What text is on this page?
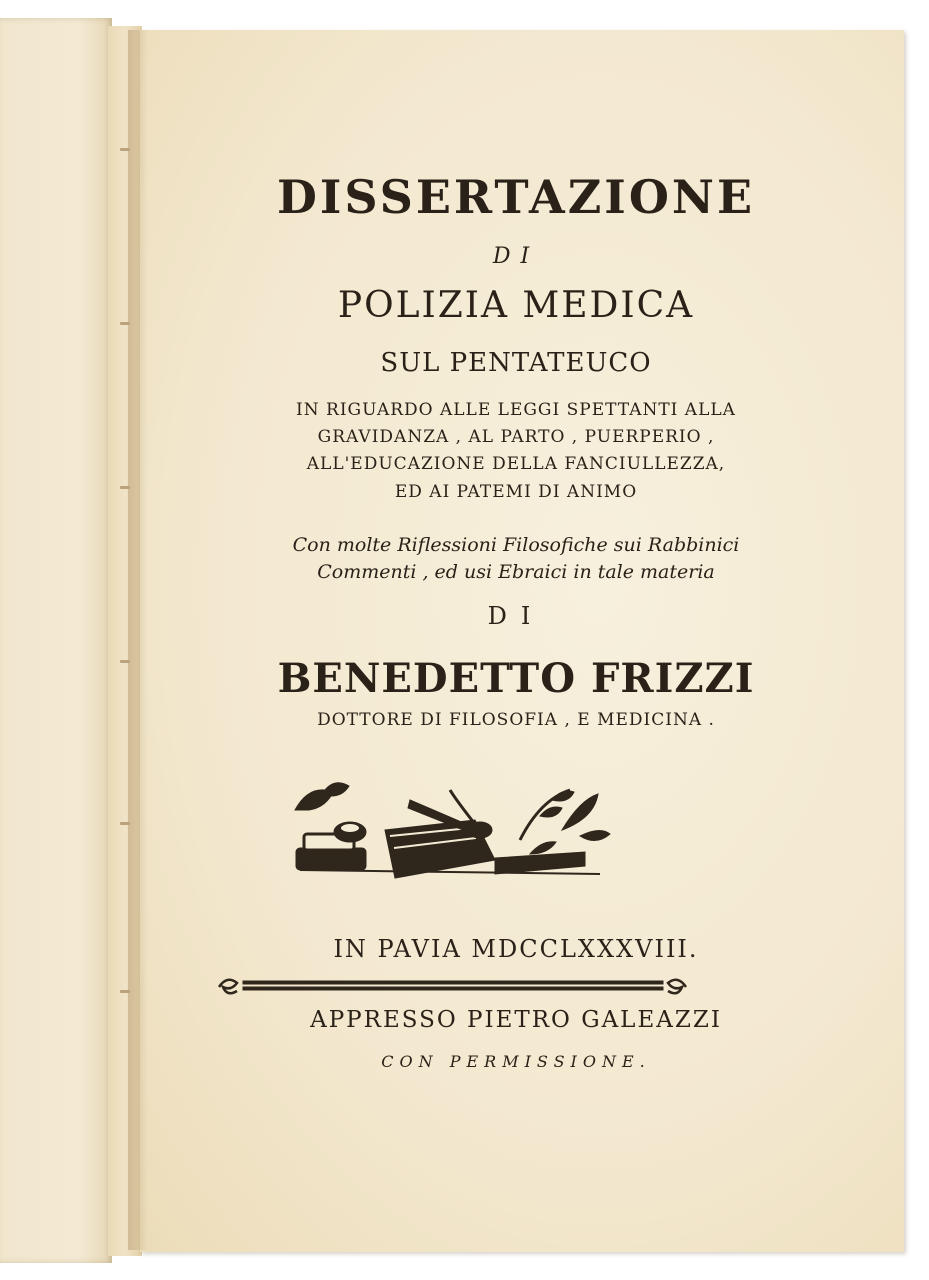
DISSERTAZIONE
DI
POLIZIA MEDICA
SUL PENTATEUCO
IN RIGUARDO ALLE LEGGI SPETTANTI ALLA
GRAVIDANZA , AL PARTO , PUERPERIO ,
ALL'EDUCAZIONE DELLA FANCIULLEZZA,
ED AI PATEMI DI ANIMO
Con molte Riflessioni Filosofiche sui Rabbinici
Commenti , ed usi Ebraici in tale materia
DI
BENEDETTO FRIZZI
DOTTORE DI FILOSOFIA , E MEDICINA .
IN PAVIA MDCCLXXXVIII.
APPRESSO PIETRO GALEAZZI
CON PERMISSIONE.
